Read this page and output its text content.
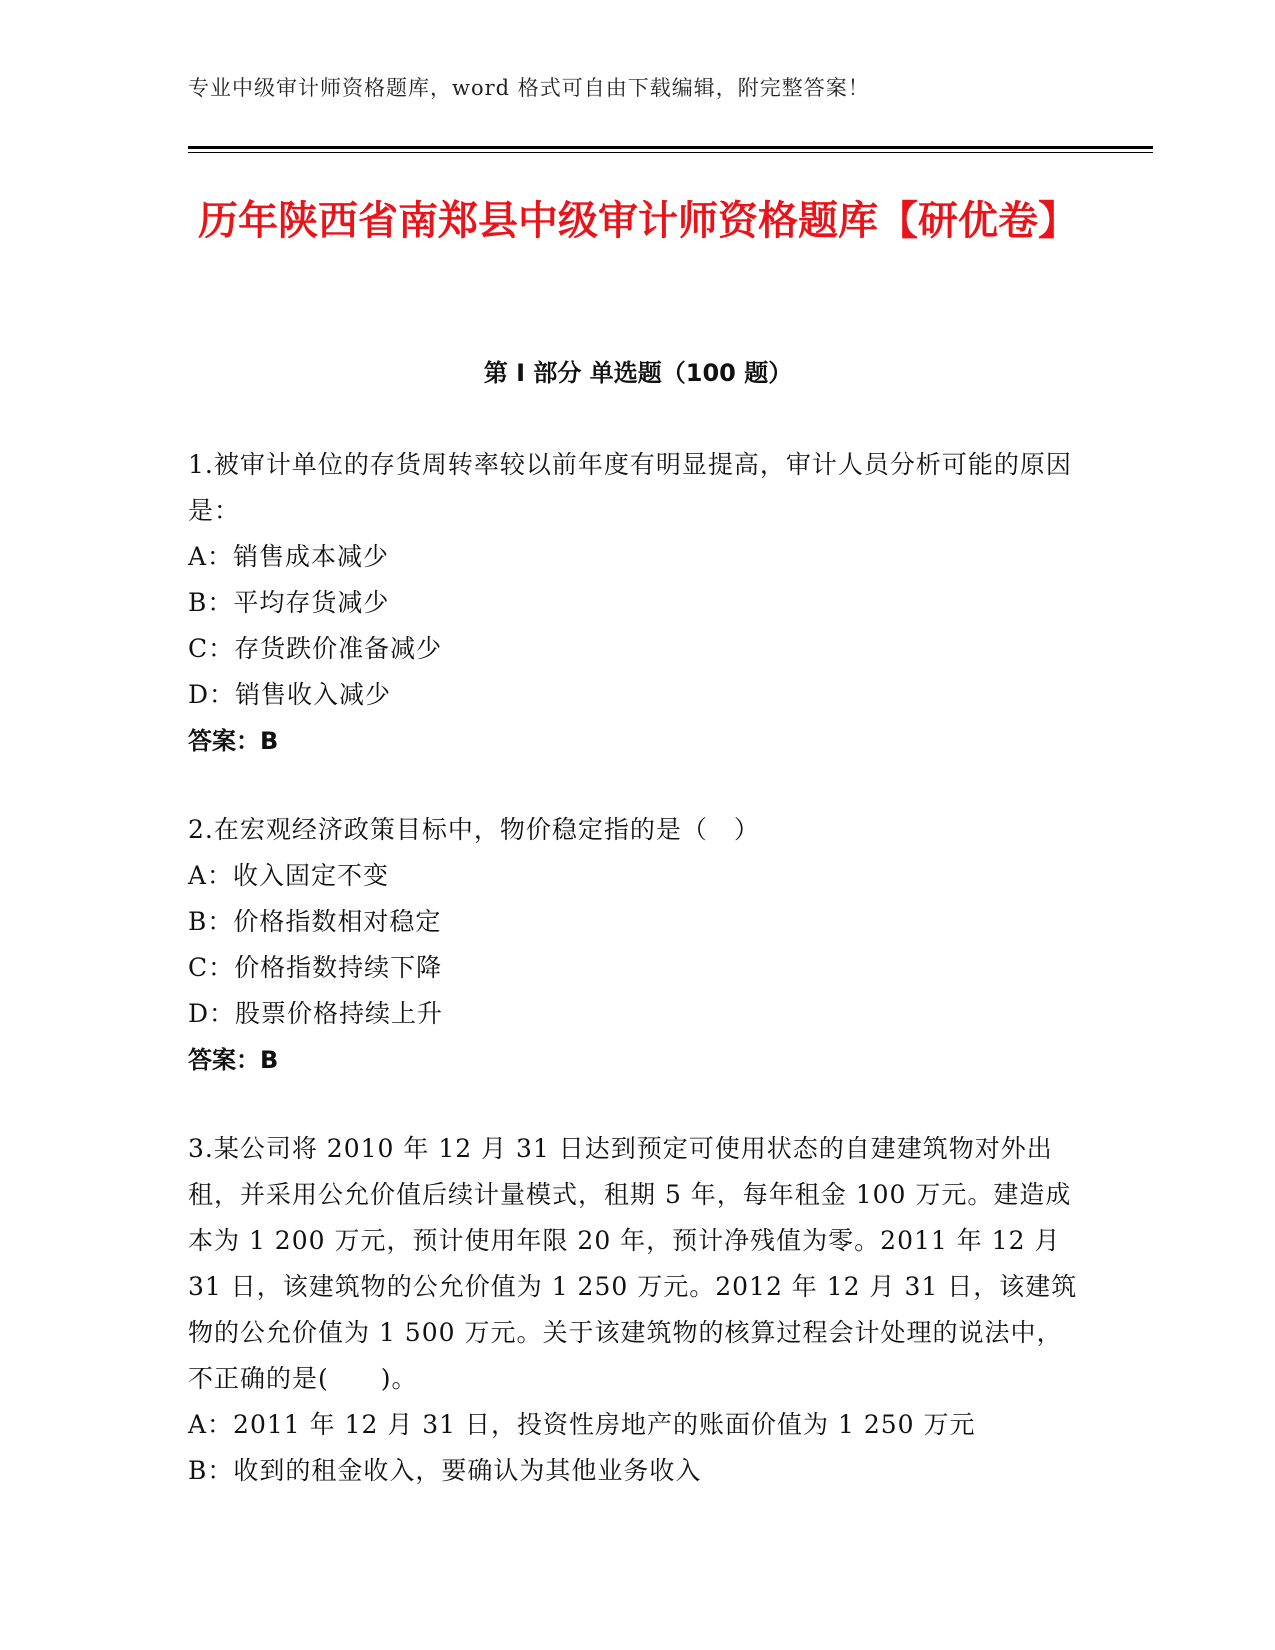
专业中级审计师资格题库，word 格式可自由下载编辑，附完整答案！
历年陕西省南郑县中级审计师资格题库【研优卷】
第 I 部分 单选题（100 题）

1.被审计单位的存货周转率较以前年度有明显提高，审计人员分析可能的原因是：

A：销售成本减少

B：平均存货减少

C：存货跌价准备减少

D：销售收入减少

答案：B

2.在宏观经济政策目标中，物价稳定指的是（　）

A：收入固定不变

B：价格指数相对稳定

C：价格指数持续下降

D：股票价格持续上升

答案：B

3.某公司将 2010 年 12 月 31 日达到预定可使用状态的自建建筑物对外出租，并采用公允价值后续计量模式，租期 5 年，每年租金 100 万元。建造成本为 1 200 万元，预计使用年限 20 年，预计净残值为零。2011 年 12 月 31 日，该建筑物的公允价值为 1 250 万元。2012 年 12 月 31 日，该建筑物的公允价值为 1 500 万元。关于该建筑物的核算过程会计处理的说法中，不正确的是(　　)。

A：2011 年 12 月 31 日，投资性房地产的账面价值为 1 250 万元

B：收到的租金收入，要确认为其他业务收入
